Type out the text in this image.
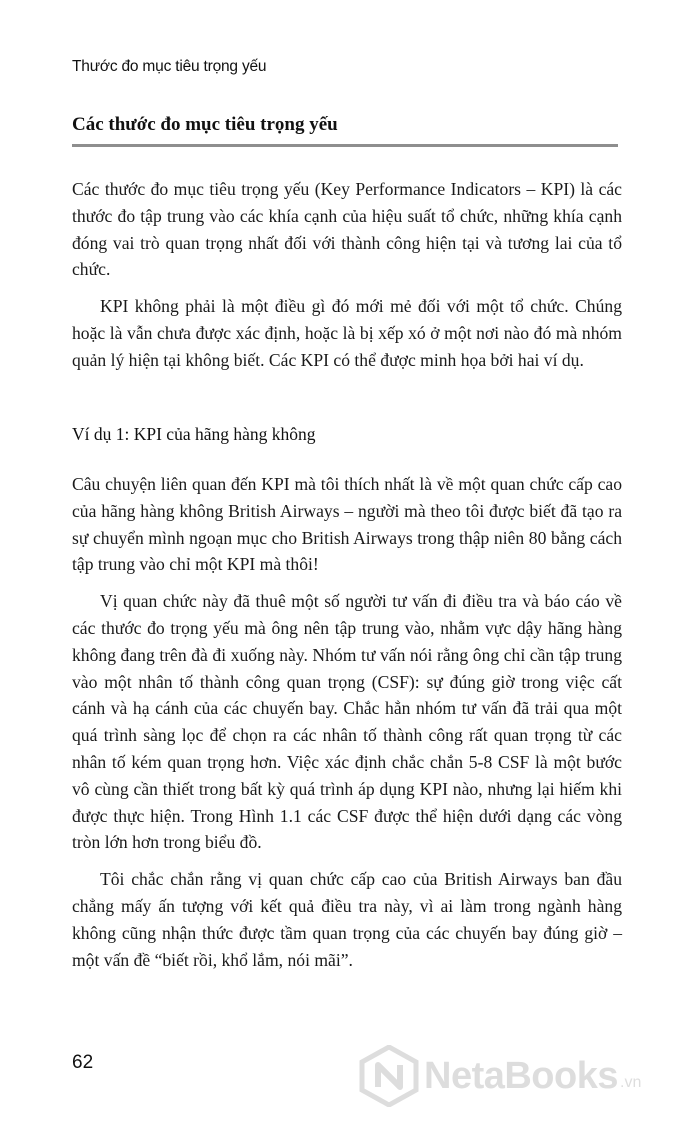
Thước đo mục tiêu trọng yếu
Các thước đo mục tiêu trọng yếu

Các thước đo mục tiêu trọng yếu (Key Performance Indicators – KPI) là các thước đo tập trung vào các khía cạnh của hiệu suất tổ chức, những khía cạnh đóng vai trò quan trọng nhất đối với thành công hiện tại và tương lai của tổ chức.

KPI không phải là một điều gì đó mới mẻ đối với một tổ chức. Chúng hoặc là vẫn chưa được xác định, hoặc là bị xếp xó ở một nơi nào đó mà nhóm quản lý hiện tại không biết. Các KPI có thể được minh họa bởi hai ví dụ.

Ví dụ 1: KPI của hãng hàng không

Câu chuyện liên quan đến KPI mà tôi thích nhất là về một quan chức cấp cao của hãng hàng không British Airways – người mà theo tôi được biết đã tạo ra sự chuyển mình ngoạn mục cho British Airways trong thập niên 80 bằng cách tập trung vào chỉ một KPI mà thôi!

Vị quan chức này đã thuê một số người tư vấn đi điều tra và báo cáo về các thước đo trọng yếu mà ông nên tập trung vào, nhằm vực dậy hãng hàng không đang trên đà đi xuống này. Nhóm tư vấn nói rằng ông chỉ cần tập trung vào một nhân tố thành công quan trọng (CSF): sự đúng giờ trong việc cất cánh và hạ cánh của các chuyến bay. Chắc hẳn nhóm tư vấn đã trải qua một quá trình sàng lọc để chọn ra các nhân tố thành công rất quan trọng từ các nhân tố kém quan trọng hơn. Việc xác định chắc chắn 5-8 CSF là một bước vô cùng cần thiết trong bất kỳ quá trình áp dụng KPI nào, nhưng lại hiếm khi được thực hiện. Trong Hình 1.1 các CSF được thể hiện dưới dạng các vòng tròn lớn hơn trong biểu đồ.

Tôi chắc chắn rằng vị quan chức cấp cao của British Airways ban đầu chẳng mấy ấn tượng với kết quả điều tra này, vì ai làm trong ngành hàng không cũng nhận thức được tầm quan trọng của các chuyến bay đúng giờ – một vấn đề “biết rồi, khổ lắm, nói mãi”.

62	NetaBooks .vn
